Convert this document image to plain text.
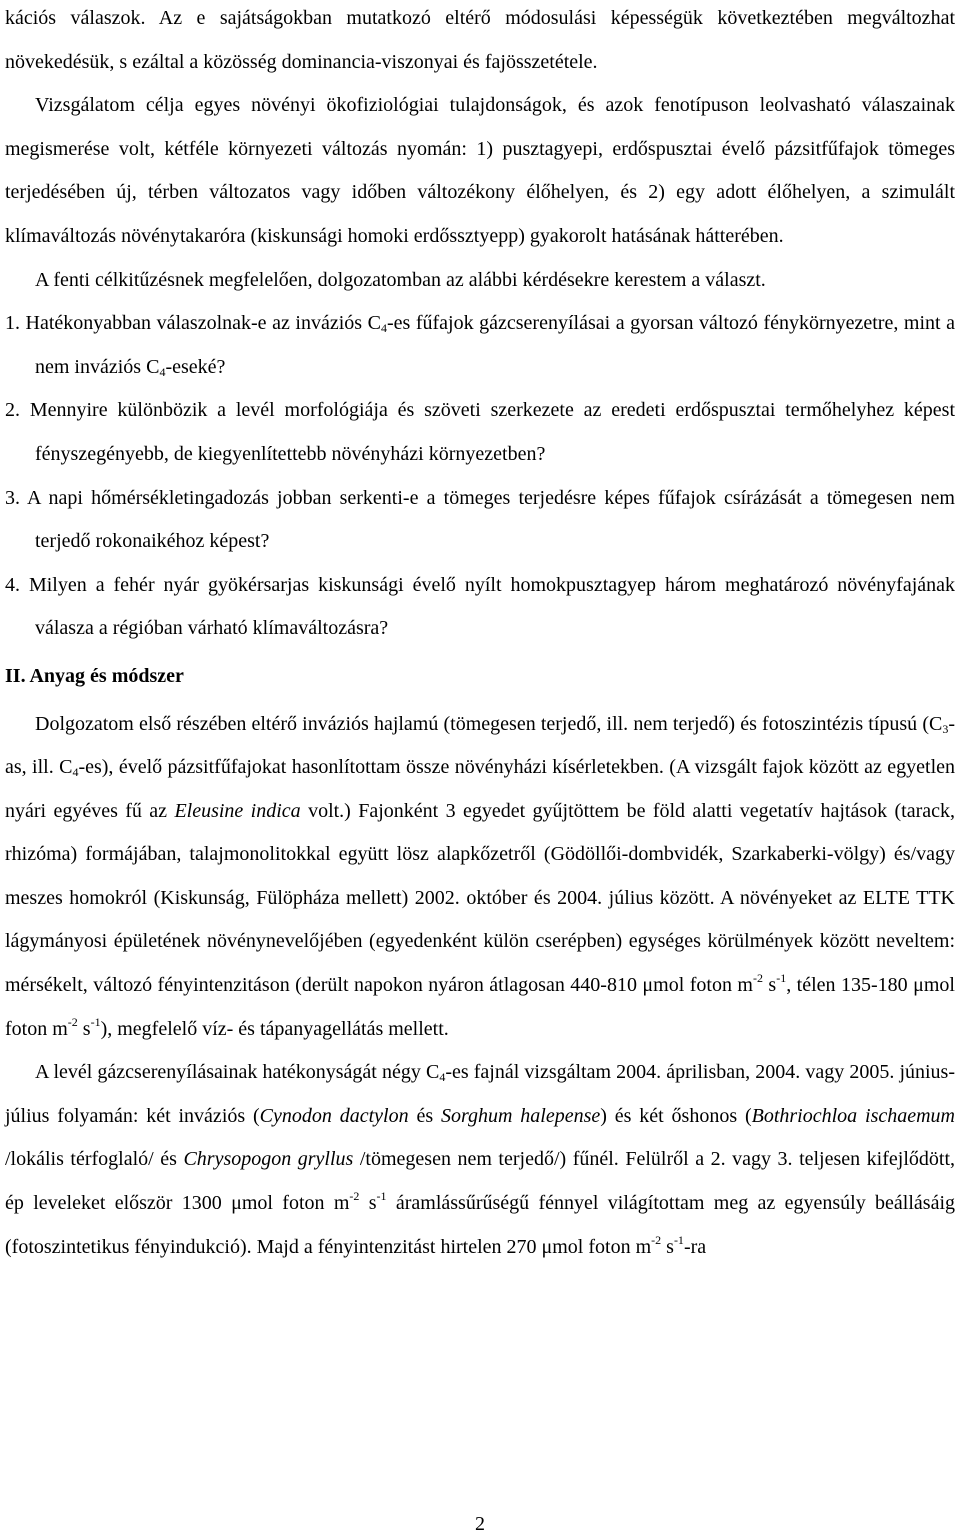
kációs válaszok. Az e sajátságokban mutatkozó eltérő módosulási képességük következtében megváltozhat növekedésük, s ezáltal a közösség dominancia-viszonyai és fajösszetétele.

Vizsgálatom célja egyes növényi ökofiziológiai tulajdonságok, és azok fenotípuson leolvasható válaszainak megismerése volt, kétféle környezeti változás nyomán: 1) pusztagyepi, erdőspusztai évelő pázsitfűfajok tömeges terjedésében új, térben változatos vagy időben változékony élőhelyen, és 2) egy adott élőhelyen, a szimulált klímaváltozás növénytakaróra (kiskunsági homoki erdőssztyepp) gyakorolt hatásának hátterében.

A fenti célkitűzésnek megfelelően, dolgozatomban az alábbi kérdésekre kerestem a választ.

1. Hatékonyabban válaszolnak-e az inváziós $C_4-es$ fűfajok gázcserenyílásai a gyorsan változó fénykörnyezetre, mint a nem inváziós $C_4$-eseké?

2. Mennyire különbözik a levél morfológiája és szöveti szerkezete az eredeti erdőspusztai termőhelyhez képest fényszegényebb, de kiegyenlítettebb növényházi környezetben?

3. A napi hőmérsékletingadozás jobban serkenti-e a tömeges terjedésre képes fűfajok csírázását a tömegesen nem terjedő rokonaikéhoz képest?

4. Milyen a fehér nyár gyökérsarjas kiskunsági évelő nyílt homokpusztagyep három meghatározó növényfajának válasza a régióban várható klímaváltozásra?

II. Anyag és módszer

Dolgozatom első részében eltérő inváziós hajlamú (tömegesen terjedő, ill. nem terjedő) és fotoszintézis típusú ($C_3-as$, ill. $C_4-es$), évelő pázsitfűfajokat hasonlítottam össze növényházi kísérletekben. (A vizsgált fajok között az egyetlen nyári egyéves fű az Eleusine indica volt.) Fajonként 3 egyedet gyűjtöttem be föld alatti vegetatív hajtások (tarack, rhizóma) formájában, talajmonolitokkal együtt lösz alapkőzetről (Gödöllői-dombvidék, Szarkaberki-völgy) és/vagy meszes homokról (Kiskunság, Fülöpháza mellett) 2002. október és 2004. július között. A növényeket az ELTE TTK lágymányosi épületének növénynevelőjében (egyedenként külön cserépben) egységes körülmények között neveltem: mérsékelt, változó fényintenzitáson (derült napokon nyáron átlagosan 440-810 μmol foton $m^{-2}$ $s^{-1}$, télen 135-180 μmol foton $m^{-2}$ $s^{-1}$), megfelelő víz- és tápanyagellátás mellett.

A levél gázcserenyílásainak hatékonyságát négy $C_4-es$ fajnál vizsgáltam 2004. áprilisban, 2004. vagy 2005. június-július folyamán: két inváziós (Cynodon dactylon és Sorghum halepense) és két őshonos (Bothriochloa ischaemum /lokális térfoglaló/ és Chrysopogon gryllus /tömegesen nem terjedő/) fűnél. Felülről a 2. vagy 3. teljesen kifejlődött, ép leveleket először 1300 μmol foton $m^{-2}$ $s^{-1}$ áramlássűrűségű fénnyel világítottam meg az egyensúly beállásáig (fotoszintetikus fényindukció). Majd a fényintenzitást hirtelen 270 μmol foton $m^{-2}$ $s^{-1}-ra$

2
